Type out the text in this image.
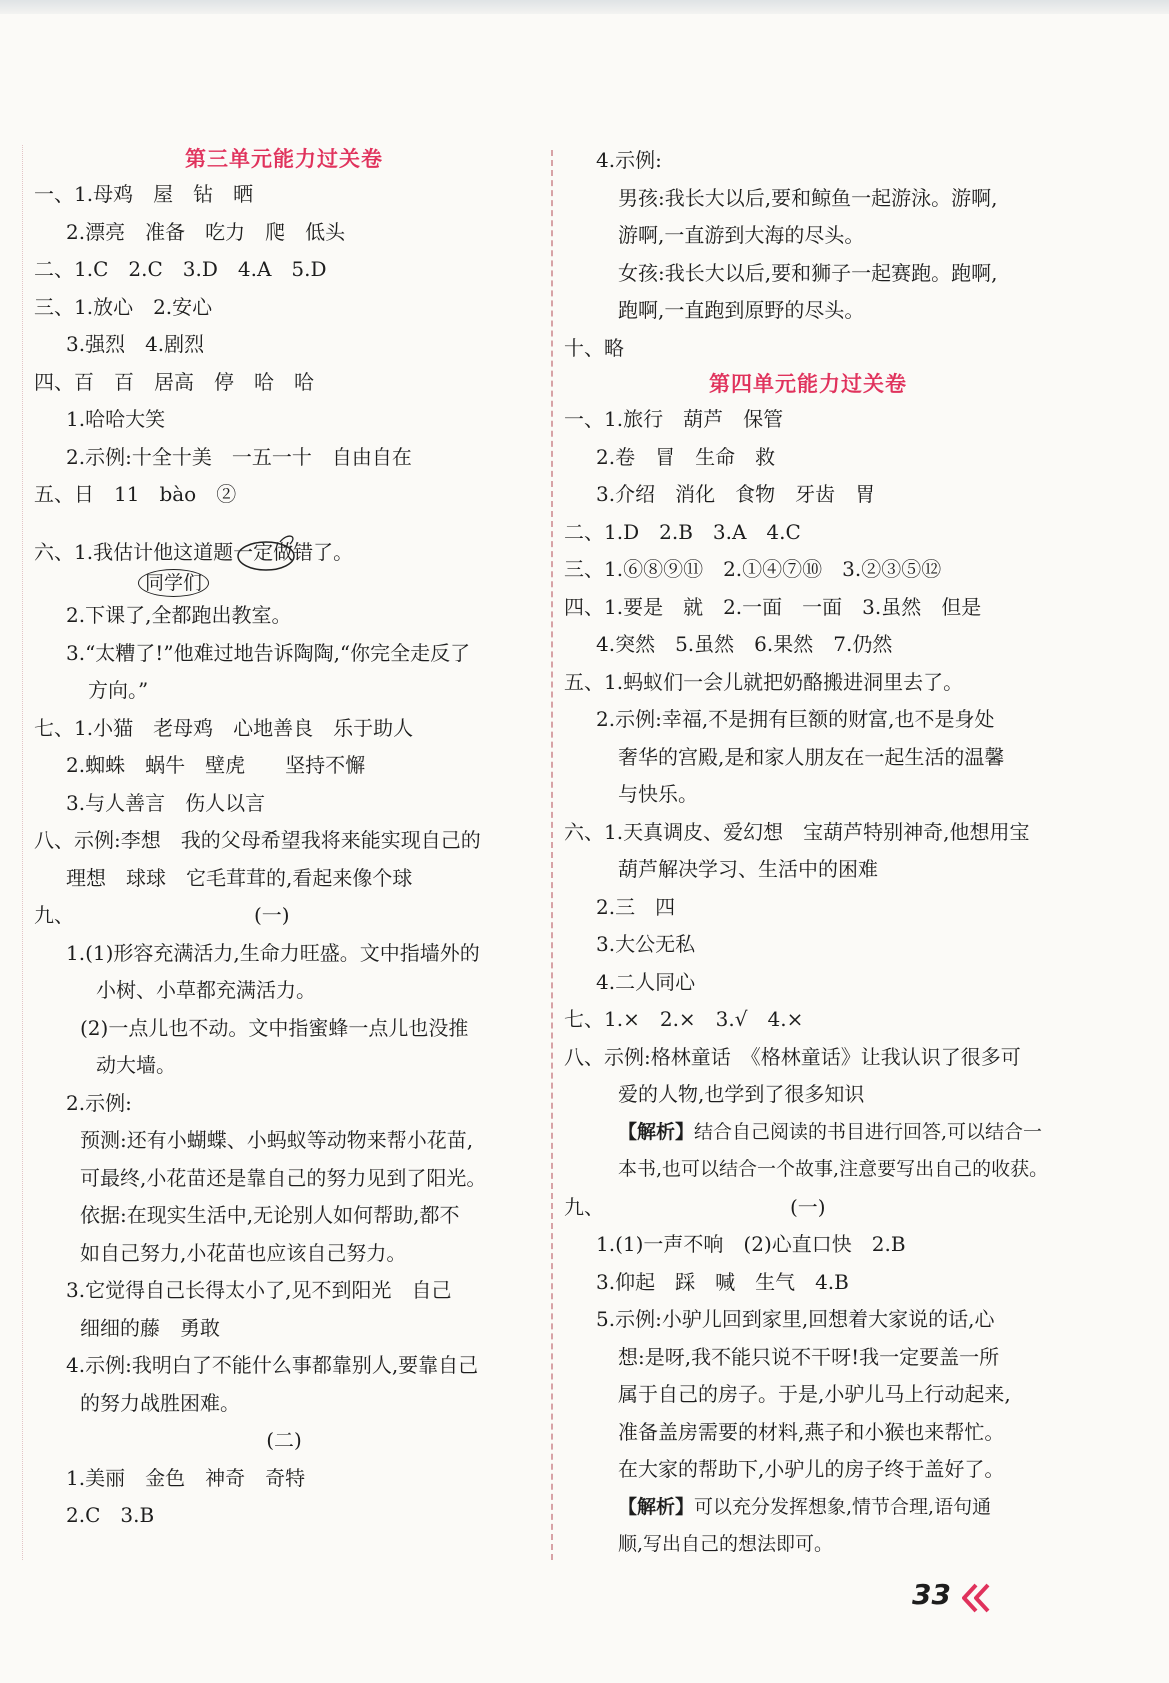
第三单元能力过关卷
一、1.母鸡　屋　钻　晒
2.漂亮　准备　吃力　爬　低头
二、1.C　2.C　3.D　4.A　5.D
三、1.放心　2.安心
3.强烈　4.剧烈
四、百　百　居高　停　哈　哈
1.哈哈大笑
2.示例:十全十美　一五一十　自由自在
五、日　11　bào　②
六、1.我估计他这道题一定做错了。
同学们
2.下课了,全都跑出教室。
3.“太糟了!”他难过地告诉陶陶,“你完全走反了
方向。”
七、1.小猫　老母鸡　心地善良　乐于助人
2.蜘蛛　蜗牛　壁虎　　坚持不懈
3.与人善言　伤人以言
八、示例:李想　我的父母希望我将来能实现自己的
理想　球球　它毛茸茸的,看起来像个球
九、	(一)
1.(1)形容充满活力,生命力旺盛。文中指墙外的
小树、小草都充满活力。
(2)一点儿也不动。文中指蜜蜂一点儿也没推
动大墙。
2.示例:
预测:还有小蝴蝶、小蚂蚁等动物来帮小花苗,
可最终,小花苗还是靠自己的努力见到了阳光。
依据:在现实生活中,无论别人如何帮助,都不
如自己努力,小花苗也应该自己努力。
3.它觉得自己长得太小了,见不到阳光　自己
细细的藤　勇敢
4.示例:我明白了不能什么事都靠别人,要靠自己
的努力战胜困难。
(二)
1.美丽　金色　神奇　奇特
2.C　3.B
4.示例:
男孩:我长大以后,要和鲸鱼一起游泳。游啊,
游啊,一直游到大海的尽头。
女孩:我长大以后,要和狮子一起赛跑。跑啊,
跑啊,一直跑到原野的尽头。
十、略
第四单元能力过关卷
一、1.旅行　葫芦　保管
2.卷　冒　生命　救
3.介绍　消化　食物　牙齿　胃
二、1.D　2.B　3.A　4.C
三、1.⑥⑧⑨⑪　2.①④⑦⑩　3.②③⑤⑫
四、1.要是　就　2.一面　一面　3.虽然　但是
4.突然　5.虽然　6.果然　7.仍然
五、1.蚂蚁们一会儿就把奶酪搬进洞里去了。
2.示例:幸福,不是拥有巨额的财富,也不是身处
奢华的宫殿,是和家人朋友在一起生活的温馨
与快乐。
六、1.天真调皮、爱幻想　宝葫芦特别神奇,他想用宝
葫芦解决学习、生活中的困难
2.三　四
3.大公无私
4.二人同心
七、1.×　2.×　3.√　4.×
八、示例:格林童话　《格林童话》让我认识了很多可
爱的人物,也学到了很多知识
【解析】结合自己阅读的书目进行回答,可以结合一
本书,也可以结合一个故事,注意要写出自己的收获。
九、	(一)
1.(1)一声不响　(2)心直口快　2.B
3.仰起　踩　喊　生气　4.B
5.示例:小驴儿回到家里,回想着大家说的话,心
想:是呀,我不能只说不干呀!我一定要盖一所
属于自己的房子。于是,小驴儿马上行动起来,
准备盖房需要的材料,燕子和小猴也来帮忙。
在大家的帮助下,小驴儿的房子终于盖好了。
【解析】可以充分发挥想象,情节合理,语句通
顺,写出自己的想法即可。
33
